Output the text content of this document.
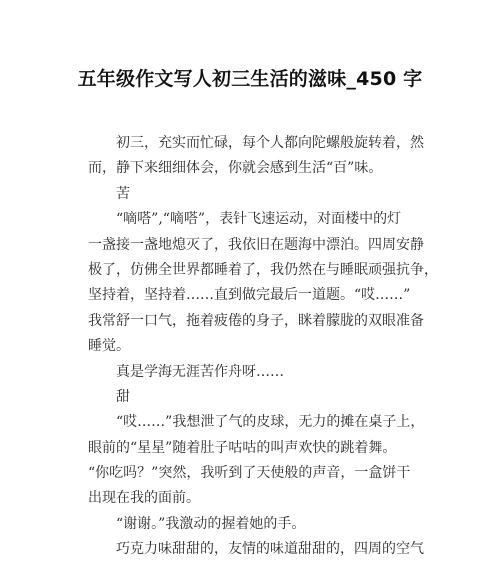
五年级作文写人初三生活的滋味_450 字
初三，充实而忙碌，每个人都向陀螺般旋转着，然
而，静下来细细体会，你就会感到生活“百”味。
苦
“嘀嗒”,“嘀嗒”，表针飞速运动，对面楼中的灯
一盏接一盏地熄灭了，我依旧在题海中漂泊。四周安静
极了，仿佛全世界都睡着了，我仍然在与睡眠顽强抗争，
坚持着，坚持着……直到做完最后一道题。“哎……”
我常舒一口气，拖着疲倦的身子，眯着朦胧的双眼准备
睡觉。
真是学海无涯苦作舟呀……
甜
“哎……”我想泄了气的皮球，无力的摊在桌子上，
眼前的“星星”随着肚子咕咕的叫声欢快的跳着舞。
“你吃吗？”突然，我听到了天使般的声音，一盒饼干
出现在我的面前。
“谢谢。”我激动的握着她的手。
巧克力味甜甜的，友情的味道甜甜的，四周的空气
